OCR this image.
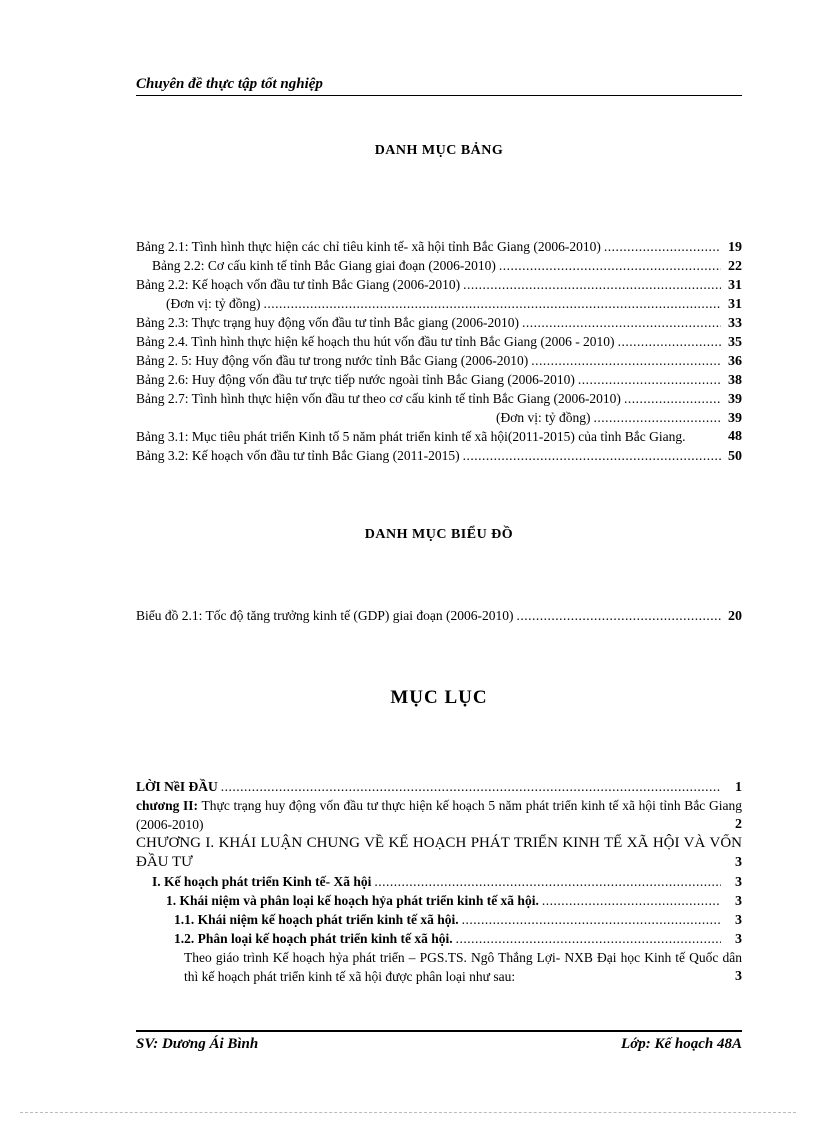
Chuyên đề thực tập tốt nghiệp
DANH MỤC BẢNG
Bảng 2.1: Tình hình thực hiện các chỉ tiêu kinh tế- xã hội tỉnh Bắc Giang (2006-2010) .....	19
Bảng 2.2: Cơ cấu kinh tế tỉnh Bắc Giang giai đoạn (2006-2010) .....	22
Bảng 2.2: Kế hoạch vốn đầu tư tỉnh Bắc Giang (2006-2010) .....	31
(Đơn vị: tỷ đồng) .....	31
Bảng 2.3: Thực trạng huy động vốn đầu tư tỉnh Bắc giang (2006-2010) .....	33
Bảng 2.4. Tình hình thực hiện kế hoạch thu hút vốn đầu tư tỉnh Bắc Giang (2006 - 2010) .....	35
Bảng 2. 5: Huy động vốn đầu tư trong nước tỉnh Bắc Giang (2006-2010) .....	36
Bảng 2.6: Huy động vốn đầu tư trực tiếp nước ngoài tỉnh Bắc Giang (2006-2010) .....	38
Bảng 2.7: Tình hình thực hiện vốn đầu tư theo cơ cấu kinh tế tỉnh Bắc Giang (2006-2010) .....	39
(Đơn vị: tỷ đồng) .....	39
Bảng 3.1: Mục tiêu phát triển Kinh tố 5 năm phát triển kinh tế xã hội(2011-2015) của tỉnh Bắc Giang.	48
Bảng 3.2: Kế hoạch vốn đầu tư tỉnh Bắc Giang (2011-2015) .....	50
DANH MỤC BIỂU ĐỒ
Biểu đồ 2.1: Tốc độ tăng trưởng kinh tế (GDP) giai đoạn (2006-2010) .....	20
MỤC LỤC
LỜI NềI ĐẦU .....	1
chương II: Thực trạng huy động vốn đầu tư thực hiện kế hoạch 5 năm phát triển kinh tế xã hội tỉnh Bắc Giang (2006-2010)	2
CHƯƠNG I. KHÁI LUẬN CHUNG VỀ KẾ HOẠCH PHÁT TRIỂN KINH TẾ XÃ HỘI VÀ VỐN ĐẦU TƯ	3
I. Kế hoạch phát triển Kinh tế- Xã hội .....	3
1. Khái niệm và phân loại kế hoạch hỷa phát triển kinh tế xã hội. .....	3
1.1. Khái niệm kế hoạch phát triển kinh tế xã hội. .....	3
1.2. Phân loại kế hoạch phát triển kinh tế xã hội. .....	3
Theo giáo trình Kế hoạch hỷa phát triển – PGS.TS. Ngô Thắng Lợi- NXB Đại học Kinh tế Quốc dân thì kế hoạch phát triển kinh tế xã hội được phân loại như sau:	3
SV: Dương Ái Bình	Lớp: Kế hoạch 48A
